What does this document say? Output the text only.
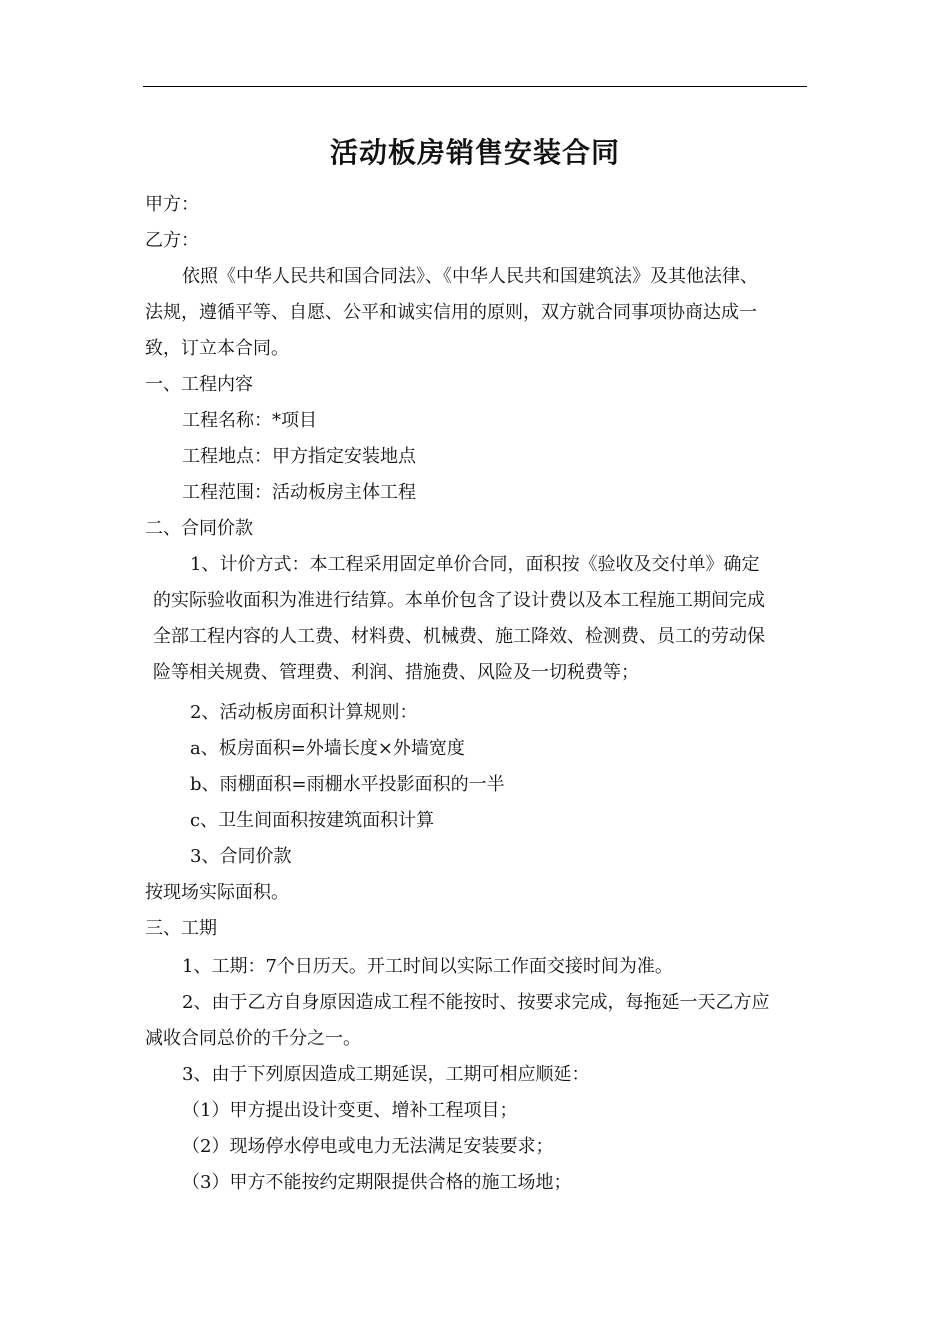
活动板房销售安装合同
甲方：
乙方：
依照《中华人民共和国合同法》、《中华人民共和国建筑法》及其他法律、
法规，遵循平等、自愿、公平和诚实信用的原则，双方就合同事项协商达成一
致，订立本合同。
一、工程内容
工程名称：*项目
工程地点：甲方指定安装地点
工程范围：活动板房主体工程
二、合同价款
1、计价方式：本工程采用固定单价合同，面积按《验收及交付单》确定
的实际验收面积为准进行结算。本单价包含了设计费以及本工程施工期间完成
全部工程内容的人工费、材料费、机械费、施工降效、检测费、员工的劳动保
险等相关规费、管理费、利润、措施费、风险及一切税费等；
2、活动板房面积计算规则：
a、板房面积=外墙长度×外墙宽度
b、雨棚面积=雨棚水平投影面积的一半
c、卫生间面积按建筑面积计算
3、合同价款
按现场实际面积。
三、工期
1、工期：7个日历天。开工时间以实际工作面交接时间为准。
2、由于乙方自身原因造成工程不能按时、按要求完成，每拖延一天乙方应
减收合同总价的千分之一。
3、由于下列原因造成工期延误，工期可相应顺延：
（1）甲方提出设计变更、增补工程项目；
（2）现场停水停电或电力无法满足安装要求；
（3）甲方不能按约定期限提供合格的施工场地；
